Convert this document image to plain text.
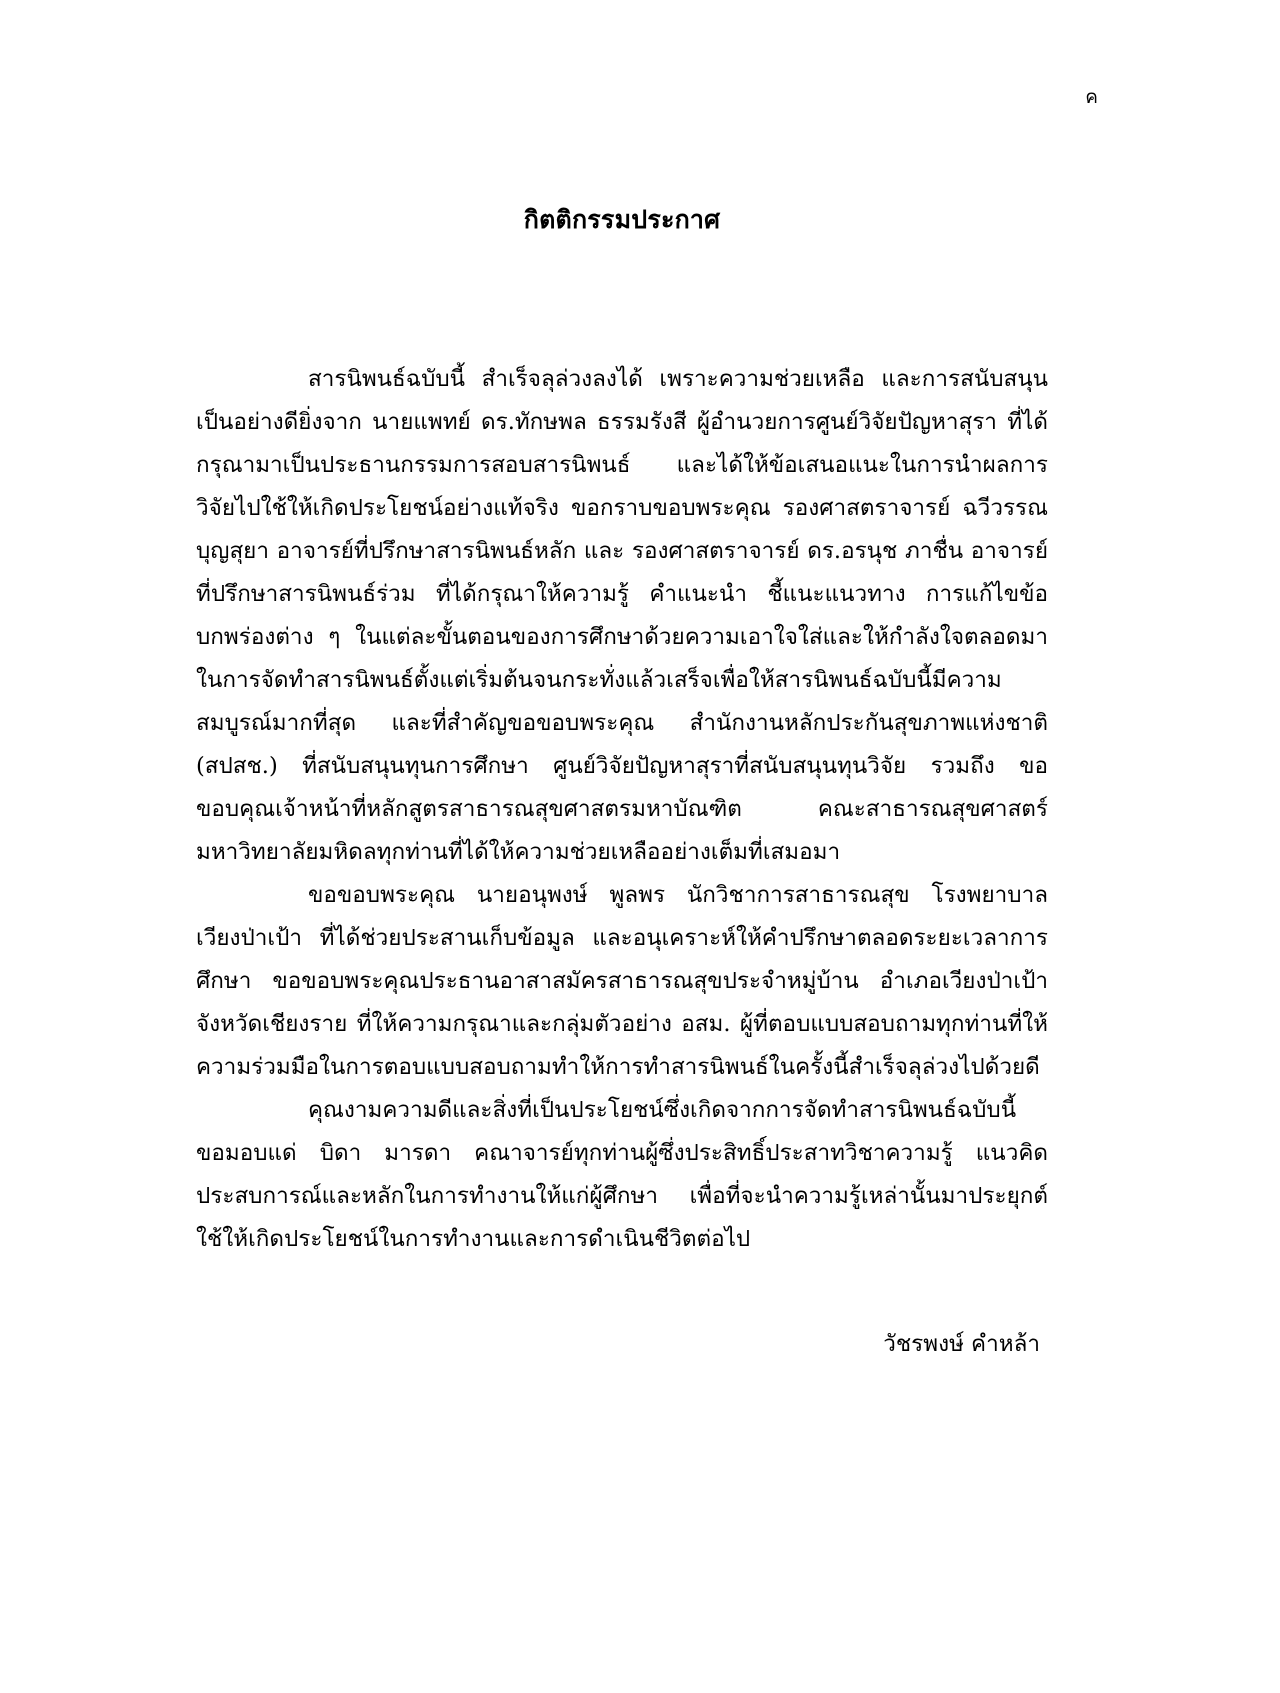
ค
กิตติกรรมประกาศ

สารนิพนธ์ฉบับนี้ สำเร็จลุล่วงลงได้ เพราะความช่วยเหลือ และการสนับสนุนเป็นอย่างดียิ่งจาก นายแพทย์ ดร.ทักษพล ธรรมรังสี ผู้อำนวยการศูนย์วิจัยปัญหาสุรา ที่ได้กรุณามาเป็นประธานกรรมการสอบสารนิพนธ์ และได้ให้ข้อเสนอแนะในการนำผลการวิจัยไปใช้ให้เกิดประโยชน์อย่างแท้จริง ขอกราบขอบพระคุณ รองศาสตราจารย์ ฉวีวรรณ บุญสุยา อาจารย์ที่ปรึกษาสารนิพนธ์หลัก และ รองศาสตราจารย์ ดร.อรนุช ภาชื่น อาจารย์ที่ปรึกษาสารนิพนธ์ร่วม ที่ได้กรุณาให้ความรู้ คำแนะนำ ชี้แนะแนวทาง การแก้ไขข้อบกพร่องต่าง ๆ ในแต่ละขั้นตอนของการศึกษาด้วยความเอาใจใส่และให้กำลังใจตลอดมา ในการจัดทำสารนิพนธ์ตั้งแต่เริ่มต้นจนกระทั่งแล้วเสร็จเพื่อให้สารนิพนธ์ฉบับนี้มีความสมบูรณ์มากที่สุด และที่สำคัญขอขอบพระคุณ สำนักงานหลักประกันสุขภาพแห่งชาติ (สปสช.) ที่สนับสนุนทุนการศึกษา ศูนย์วิจัยปัญหาสุราที่สนับสนุนทุนวิจัย รวมถึง ขอขอบคุณเจ้าหน้าที่หลักสูตรสาธารณสุขศาสตรมหาบัณฑิต คณะสาธารณสุขศาสตร์มหาวิทยาลัยมหิดลทุกท่านที่ได้ให้ความช่วยเหลืออย่างเต็มที่เสมอมา

ขอขอบพระคุณ นายอนุพงษ์ พูลพร นักวิชาการสาธารณสุข โรงพยาบาลเวียงป่าเป้า ที่ได้ช่วยประสานเก็บข้อมูล และอนุเคราะห์ให้คำปรึกษาตลอดระยะเวลาการศึกษา ขอขอบพระคุณประธานอาสาสมัครสาธารณสุขประจำหมู่บ้าน อำเภอเวียงป่าเป้า จังหวัดเชียงราย ที่ให้ความกรุณาและกลุ่มตัวอย่าง อสม. ผู้ที่ตอบแบบสอบถามทุกท่านที่ให้ความร่วมมือในการตอบแบบสอบถามทำให้การทำสารนิพนธ์ในครั้งนี้สำเร็จลุล่วงไปด้วยดี

คุณงามความดีและสิ่งที่เป็นประโยชน์ซึ่งเกิดจากการจัดทำสารนิพนธ์ฉบับนี้ ขอมอบแด่ บิดา มารดา คณาจารย์ทุกท่านผู้ซึ่งประสิทธิ์ประสาทวิชาความรู้ แนวคิดประสบการณ์และหลักในการทำงานให้แก่ผู้ศึกษา เพื่อที่จะนำความรู้เหล่านั้นมาประยุกต์ใช้ให้เกิดประโยชน์ในการทำงานและการดำเนินชีวิตต่อไป

วัชรพงษ์ คำหล้า
